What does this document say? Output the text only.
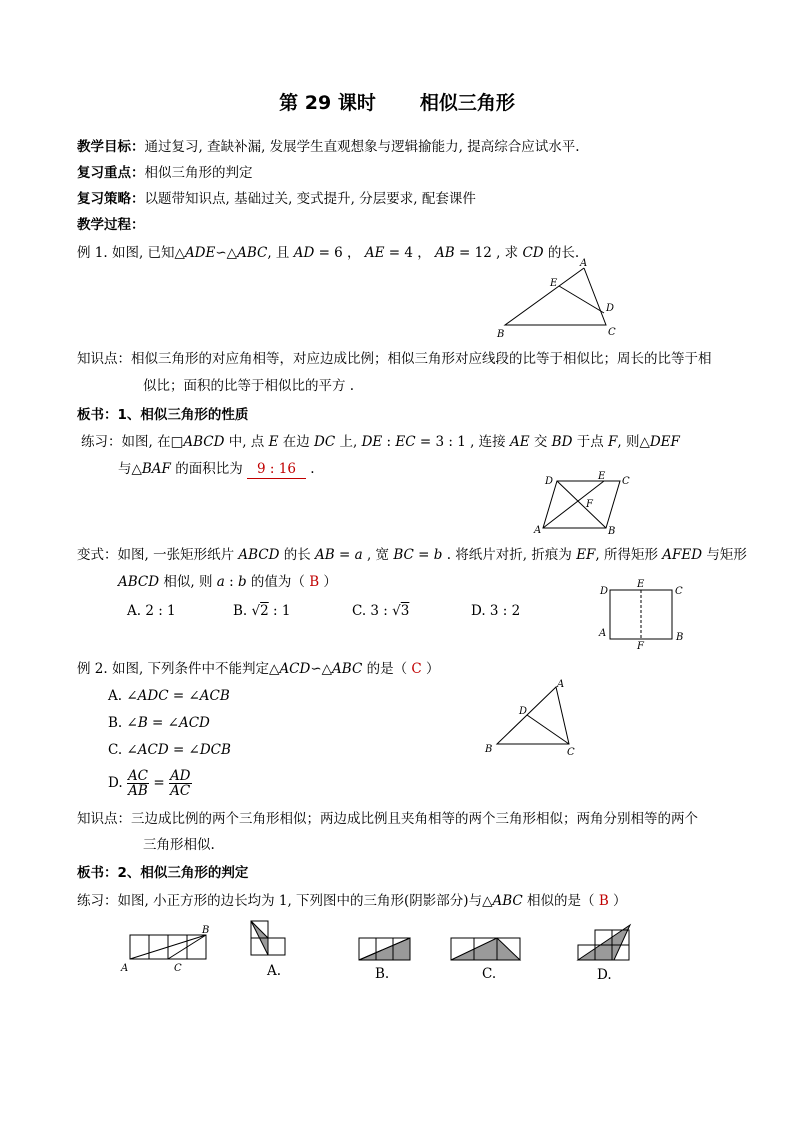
第 29 课时 相似三角形
教学目标：通过复习, 查缺补漏, 发展学生直观想象与逻辑揄能力, 提高综合应试水平.
复习重点：相似三角形的判定
复习策略：以题带知识点, 基础过关, 变式提升, 分层要求, 配套课件
教学过程：
例 1. 如图, 已知△ADE∽△ABC, 且 AD = 6 ， AE = 4 ， AB = 12 , 求 CD 的长.
A
E
D
B	C
知识点：相似三角形的对应角相等，对应边成比例；相似三角形对应线段的比等于相似比；周长的比等于相
似比；面积的比等于相似比的平方 .
板书：1、相似三角形的性质
练习：如图, 在□ABCD 中, 点 E 在边 DC 上, DE : EC = 3 : 1 , 连接 AE 交 BD 于点 F, 则△DEF
与△BAF 的面积比为 9 : 16 .
D	E C
F
A	B
变式：如图, 一张矩形纸片 ABCD 的长 AB = a , 宽 BC = b . 将纸片对折, 折痕为 EF, 所得矩形 AFED 与矩形
ABCD 相似, 则 a : b 的值为（ B ）
A. 2 : 1	B. √2 : 1	C. 3 : √3	D. 3 : 2
D
E
C
A	B
F
例 2. 如图, 下列条件中不能判定△ACD∽△ABC 的是（ C ）
A. ∠ADC = ∠ACB
B. ∠B = ∠ACD
C. ∠ACD = ∠DCB
D. $\frac{AC}{AB} = \frac{AD}{AC}$
A
D
B	C
知识点：三边成比例的两个三角形相似；两边成比例且夹角相等的两个三角形相似；两角分别相等的两个
三角形相似.
板书：2、相似三角形的判定
练习：如图, 小正方形的边长均为 1, 下列图中的三角形(阴影部分)与△ABC 相似的是（ B ）
B
A	C	A.	B.	C.	D.
